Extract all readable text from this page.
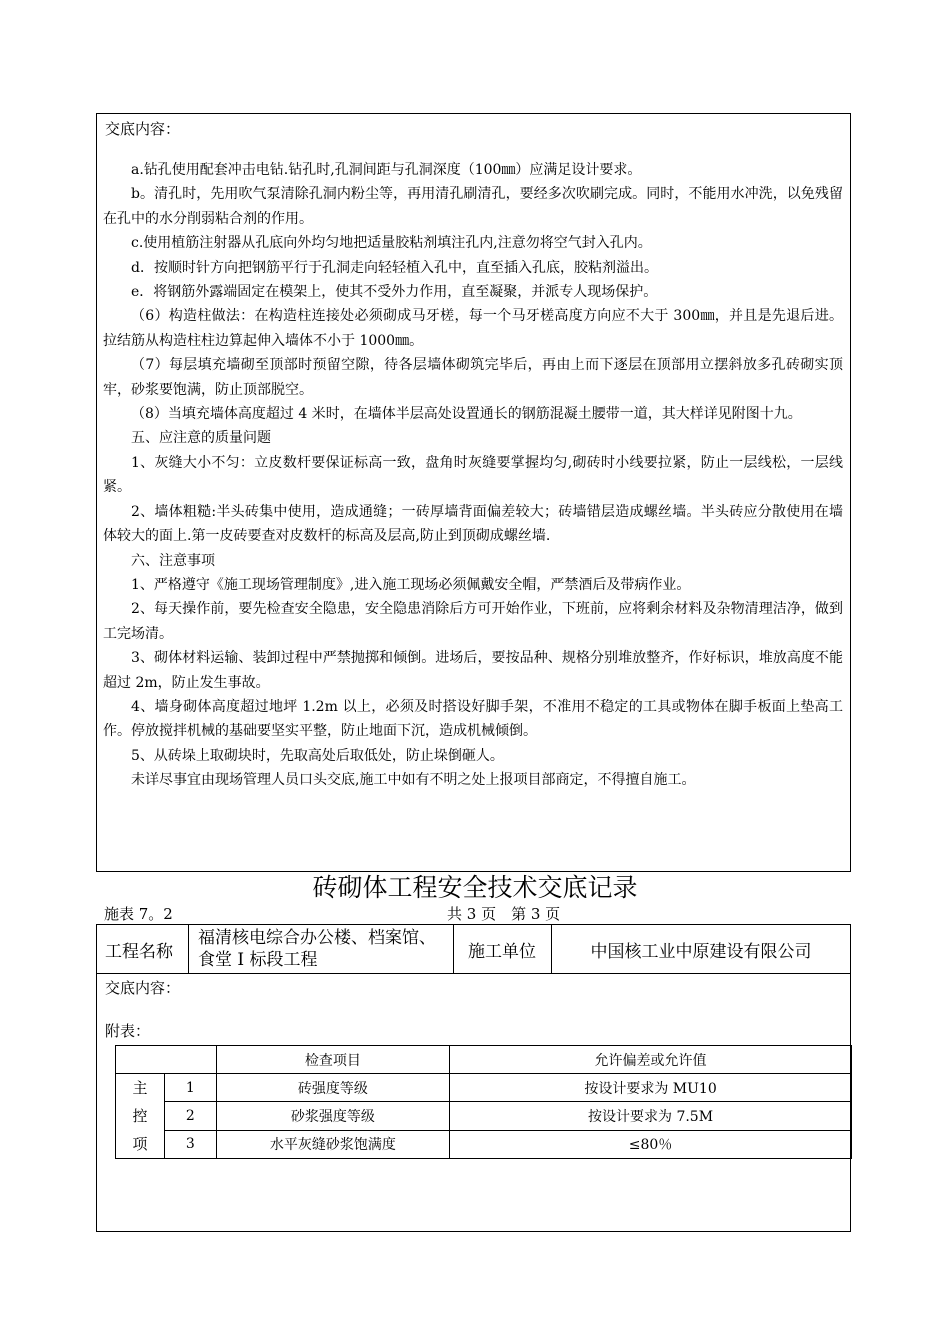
交底内容：

a.钻孔使用配套冲击电钻.钻孔时,孔洞间距与孔洞深度（100㎜）应满足设计要求。

b。清孔时，先用吹气泵清除孔洞内粉尘等，再用清孔刷清孔，要经多次吹刷完成。同时，不能用水冲洗，以免残留在孔中的水分削弱粘合剂的作用。

c.使用植筋注射器从孔底向外均匀地把适量胶粘剂填注孔内,注意勿将空气封入孔内。

d．按顺时针方向把钢筋平行于孔洞走向轻轻植入孔中，直至插入孔底，胶粘剂溢出。

e．将钢筋外露端固定在模架上，使其不受外力作用，直至凝聚，并派专人现场保护。

（6）构造柱做法：在构造柱连接处必须砌成马牙槎，每一个马牙槎高度方向应不大于 300㎜，并且是先退后进。拉结筋从构造柱柱边算起伸入墙体不小于 1000㎜。

（7）每层填充墙砌至顶部时预留空隙，待各层墙体砌筑完毕后，再由上而下逐层在顶部用立摆斜放多孔砖砌实顶牢，砂浆要饱满，防止顶部脱空。

（8）当填充墙体高度超过 4 米时，在墙体半层高处设置通长的钢筋混凝土腰带一道，其大样详见附图十九。

五、应注意的质量问题

1、灰缝大小不匀：立皮数杆要保证标高一致，盘角时灰缝要掌握均匀,砌砖时小线要拉紧，防止一层线松，一层线紧。

2、墙体粗糙:半头砖集中使用，造成通缝；一砖厚墙背面偏差较大；砖墙错层造成螺丝墙。半头砖应分散使用在墙体较大的面上.第一皮砖要查对皮数杆的标高及层高,防止到顶砌成螺丝墙.

六、注意事项

1、严格遵守《施工现场管理制度》,进入施工现场必须佩戴安全帽，严禁酒后及带病作业。

2、每天操作前，要先检查安全隐患，安全隐患消除后方可开始作业，下班前，应将剩余材料及杂物清理洁净，做到工完场清。

3、砌体材料运输、装卸过程中严禁抛掷和倾倒。进场后，要按品种、规格分别堆放整齐，作好标识，堆放高度不能超过 2m，防止发生事故。

4、墙身砌体高度超过地坪 1.2m 以上，必须及时搭设好脚手架，不准用不稳定的工具或物体在脚手板面上垫高工作。停放搅拌机械的基础要坚实平整，防止地面下沉，造成机械倾倒。

5、从砖垛上取砌块时，先取高处后取低处，防止垛倒砸人。

未详尽事宜由现场管理人员口头交底,施工中如有不明之处上报项目部商定，不得擅自施工。

砖砌体工程安全技术交底记录
施表 7。2	共 3 页　第 3 页
工程名称
福清核电综合办公楼、档案馆、食堂 I 标段工程	施工单位	中国核工业中原建设有限公司
交底内容：
附表：
		检查项目	允许偏差或允许值

主控项	1	砖强度等级	按设计要求为 MU10
	2	砂浆强度等级	按设计要求为 7.5M
	3	水平灰缝砂浆饱满度	≤80％
